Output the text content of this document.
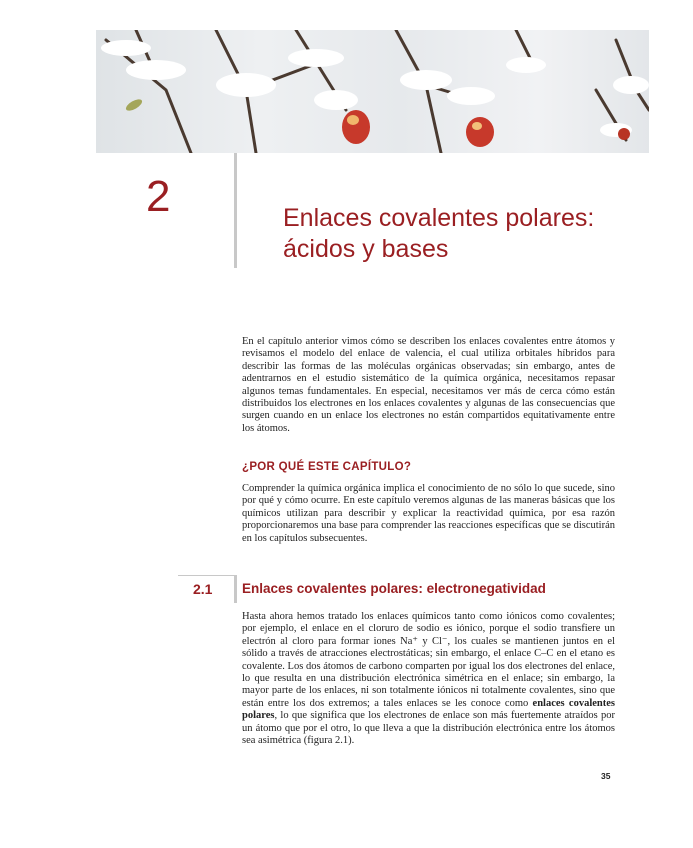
2	Enlaces covalentes polares: ácidos y bases

En el capítulo anterior vimos cómo se describen los enlaces covalentes entre átomos y revisamos el modelo del enlace de valencia, el cual utiliza orbitales híbridos para describir las formas de las moléculas orgánicas observadas; sin embargo, antes de adentrarnos en el estudio sistemático de la química orgánica, necesitamos repasar algunos temas fundamentales. En especial, necesitamos ver más de cerca cómo están distribuidos los electrones en los enlaces covalentes y algunas de las consecuencias que surgen cuando en un enlace los electrones no están compartidos equitativamente entre los átomos.

¿POR QUÉ ESTE CAPÍTULO?

Comprender la química orgánica implica el conocimiento de no sólo lo que sucede, sino por qué y cómo ocurre. En este capítulo veremos algunas de las maneras básicas que los químicos utilizan para describir y explicar la reactividad química, por esa razón proporcionaremos una base para comprender las reacciones específicas que se discutirán en los capítulos subsecuentes.

2.1 Enlaces covalentes polares: electronegatividad

Hasta ahora hemos tratado los enlaces químicos tanto como iónicos como covalentes; por ejemplo, el enlace en el cloruro de sodio es iónico, porque el sodio transfiere un electrón al cloro para formar iones Na⁺ y Cl⁻, los cuales se mantienen juntos en el sólido a través de atracciones electrostáticas; sin embargo, el enlace C–C en el etano es covalente. Los dos átomos de carbono comparten por igual los dos electrones del enlace, lo que resulta en una distribución electrónica simétrica en el enlace; sin embargo, la mayor parte de los enlaces, ni son totalmente iónicos ni totalmente covalentes, sino que están entre los dos extremos; a tales enlaces se les conoce como enlaces covalentes polares, lo que significa que los electrones de enlace son más fuertemente atraídos por un átomo que por el otro, lo que lleva a que la distribución electrónica entre los átomos sea asimétrica (figura 2.1).

35
